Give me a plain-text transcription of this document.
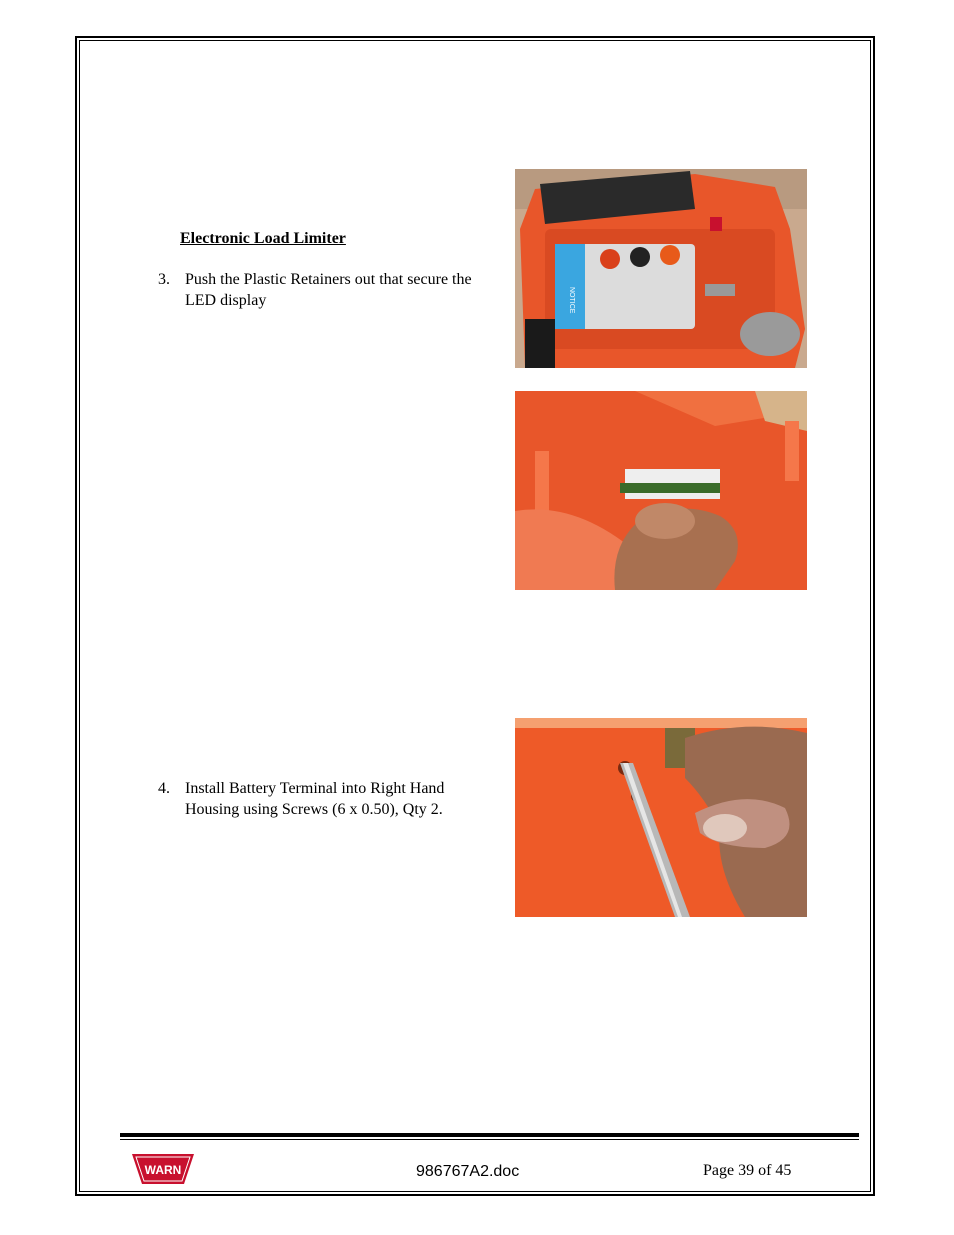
Electronic Load Limiter
3. Push the Plastic Retainers out that secure the LED display
4. Install Battery Terminal into Right Hand Housing using Screws (6 x 0.50), Qty 2.
NOTICE
WARN	986767A2.doc	Page 39 of 45
